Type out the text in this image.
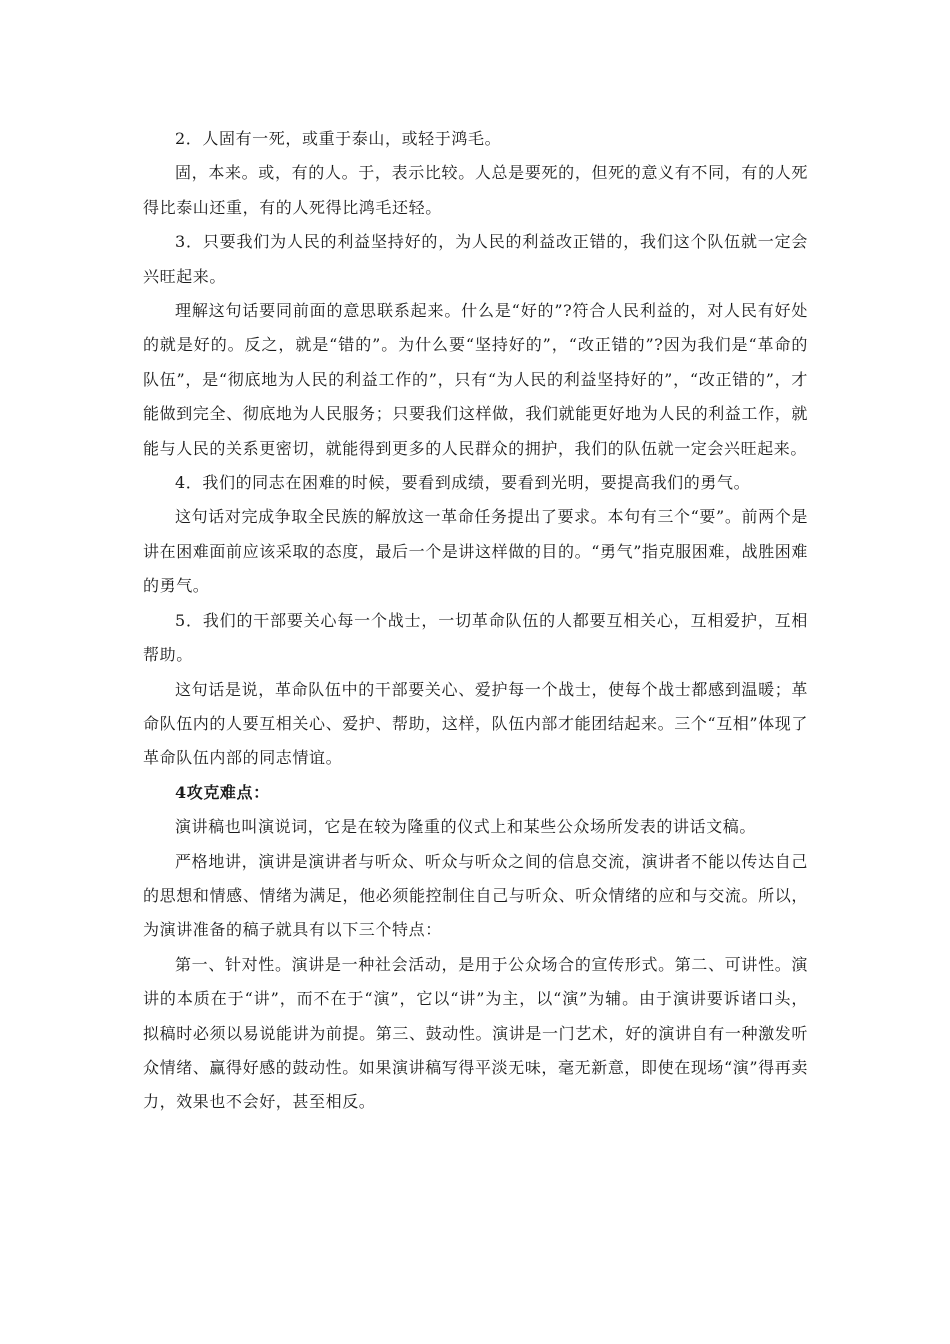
2．人固有一死，或重于泰山，或轻于鸿毛。

固，本来。或，有的人。于，表示比较。人总是要死的，但死的意义有不同，有的人死得比泰山还重，有的人死得比鸿毛还轻。

3．只要我们为人民的利益坚持好的，为人民的利益改正错的，我们这个队伍就一定会兴旺起来。

理解这句话要同前面的意思联系起来。什么是“好的”?符合人民利益的，对人民有好处的就是好的。反之，就是“错的”。为什么要“坚持好的”，“改正错的”?因为我们是“革命的队伍”，是“彻底地为人民的利益工作的”，只有“为人民的利益坚持好的”，“改正错的”，才能做到完全、彻底地为人民服务；只要我们这样做，我们就能更好地为人民的利益工作，就能与人民的关系更密切，就能得到更多的人民群众的拥护，我们的队伍就一定会兴旺起来。

4．我们的同志在困难的时候，要看到成绩，要看到光明，要提高我们的勇气。

这句话对完成争取全民族的解放这一革命任务提出了要求。本句有三个“要”。前两个是讲在困难面前应该采取的态度，最后一个是讲这样做的目的。“勇气”指克服困难，战胜困难的勇气。

5．我们的干部要关心每一个战士，一切革命队伍的人都要互相关心，互相爱护，互相帮助。

这句话是说，革命队伍中的干部要关心、爱护每一个战士，使每个战士都感到温暖；革命队伍内的人要互相关心、爱护、帮助，这样，队伍内部才能团结起来。三个“互相”体现了革命队伍内部的同志情谊。

4攻克难点：

演讲稿也叫演说词，它是在较为隆重的仪式上和某些公众场所发表的讲话文稿。

严格地讲，演讲是演讲者与听众、听众与听众之间的信息交流，演讲者不能以传达自己的思想和情感、情绪为满足，他必须能控制住自己与听众、听众情绪的应和与交流。所以，为演讲准备的稿子就具有以下三个特点：

第一、针对性。演讲是一种社会活动，是用于公众场合的宣传形式。第二、可讲性。演讲的本质在于“讲”，而不在于“演”，它以“讲”为主，以“演”为辅。由于演讲要诉诸口头，拟稿时必须以易说能讲为前提。第三、鼓动性。演讲是一门艺术，好的演讲自有一种激发听众情绪、赢得好感的鼓动性。如果演讲稿写得平淡无味，毫无新意，即使在现场“演”得再卖力，效果也不会好，甚至相反。
